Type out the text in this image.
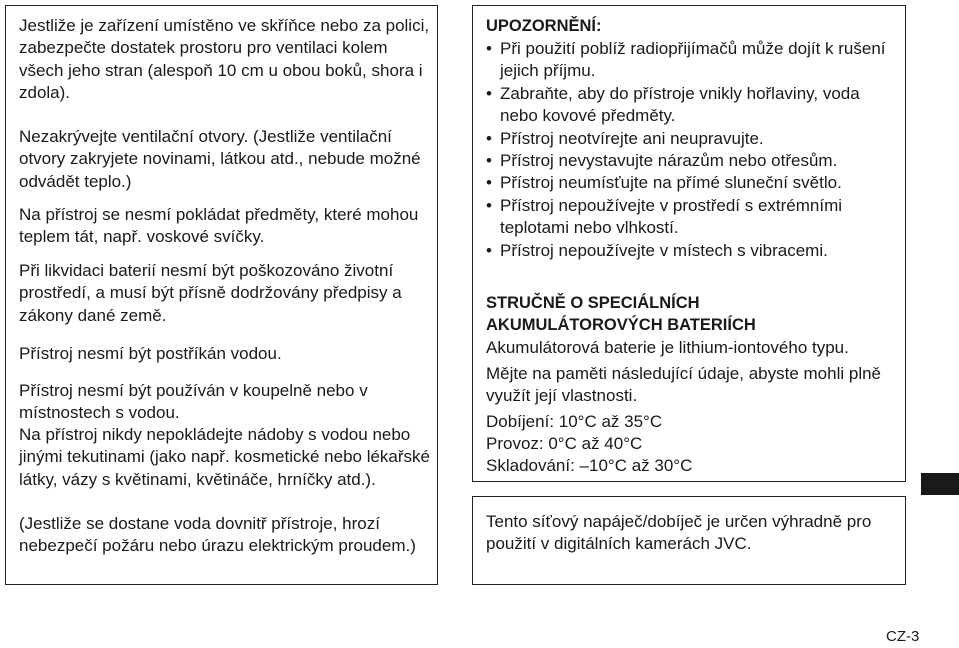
Jestliže je zařízení umístěno ve skříňce nebo za polici, zabezpečte dostatek prostoru pro ventilaci kolem všech jeho stran (alespoň 10 cm u obou boků, shora i zdola).

Nezakrývejte ventilační otvory. (Jestliže ventilační otvory zakryjete novinami, látkou atd., nebude možné odvádět teplo.)

Na přístroj se nesmí pokládat předměty, které mohou teplem tát, např. voskové svíčky.

Při likvidaci baterií nesmí být poškozováno životní prostředí, a musí být přísně dodržovány předpisy a zákony dané země.

Přístroj nesmí být postříkán vodou.

Přístroj nesmí být používán v koupelně nebo v místnostech s vodou.

Na přístroj nikdy nepokládejte nádoby s vodou nebo jinými tekutinami (jako např. kosmetické nebo lékařské látky, vázy s květinami, květináče, hrníčky atd.).

(Jestliže se dostane voda dovnitř přístroje, hrozí nebezpečí požáru nebo úrazu elektrickým proudem.)

UPOZORNĚNÍ:

• Při použití poblíž radiopřijímačů může dojít k rušení jejich příjmu.
• Zabraňte, aby do přístroje vnikly hořlaviny, voda nebo kovové předměty.
• Přístroj neotvírejte ani neupravujte.
• Přístroj nevystavujte nárazům nebo otřesům.
• Přístroj neumísťujte na přímé sluneční světlo.
• Přístroj nepoužívejte v prostředí s extrémními teplotami nebo vlhkostí.
• Přístroj nepoužívejte v místech s vibracemi.

STRUČNĚ O SPECIÁLNÍCH

AKUMULÁTOROVÝCH BATERIÍCH

Akumulátorová baterie je lithium-iontového typu.

Mějte na paměti následující údaje, abyste mohli plně využít její vlastnosti.

Dobíjení: 10°C až 35°C

Provoz: 0°C až 40°C

Skladování: –10°C až 30°C

Tento síťový napáječ/dobíječ je určen výhradně pro použití v digitálních kamerách JVC.

CZ-3
